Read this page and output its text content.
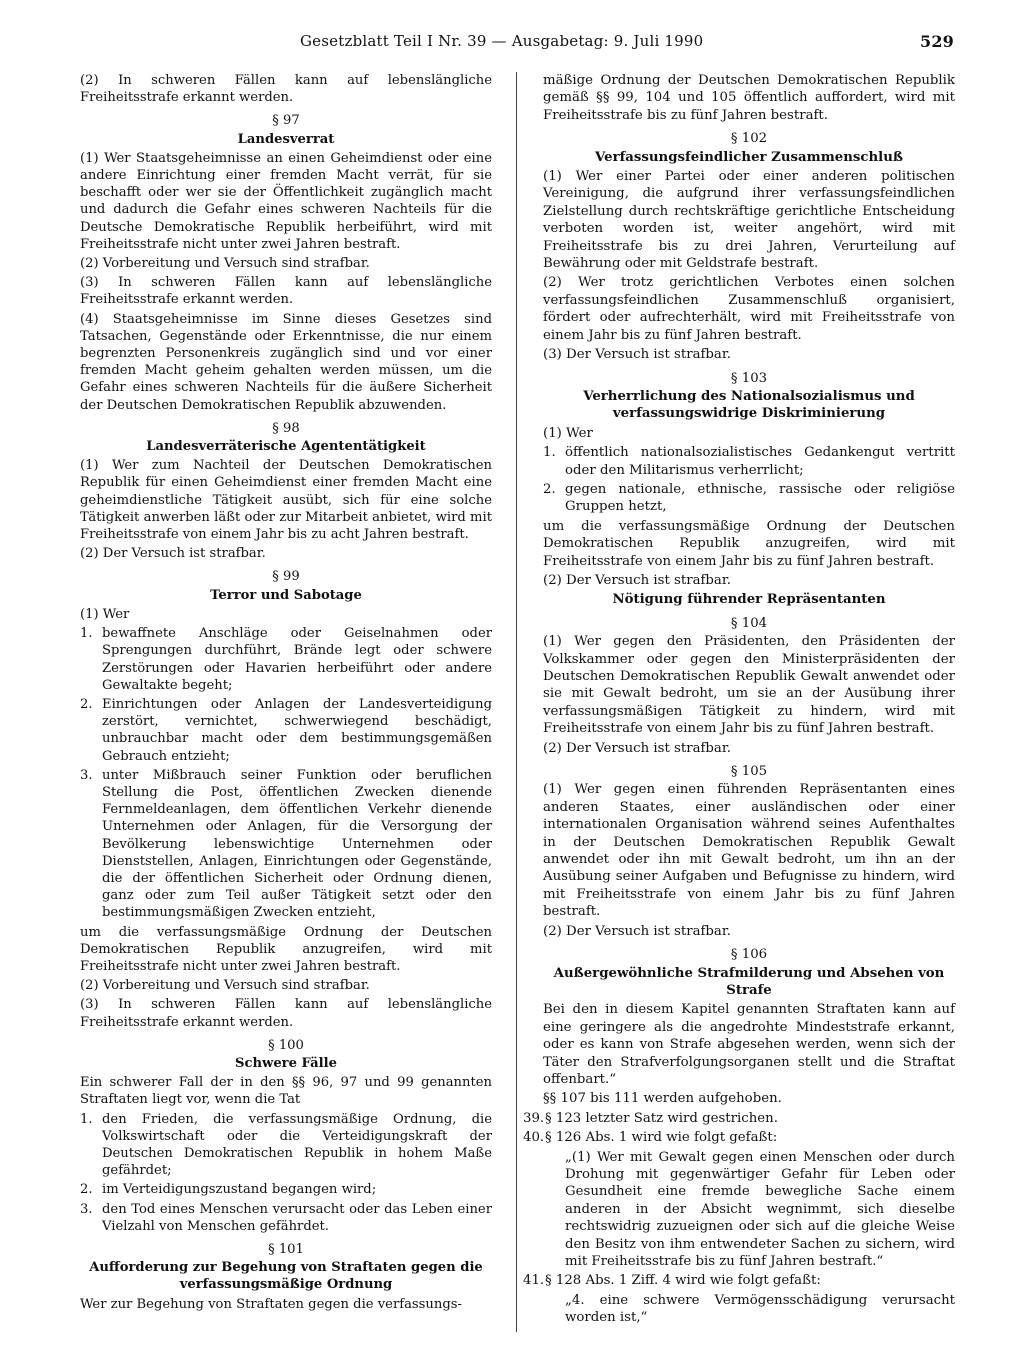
Gesetzblatt Teil I Nr. 39 — Ausgabetag: 9. Juli 1990	529
(2) In schweren Fällen kann auf lebenslängliche Freiheitsstrafe erkannt werden.
§ 97
Landesverrat
(1) Wer Staatsgeheimnisse an einen Geheimdienst oder eine andere Einrichtung einer fremden Macht verrät, für sie beschafft oder wer sie der Öffentlichkeit zugänglich macht und dadurch die Gefahr eines schweren Nachteils für die Deutsche Demokratische Republik herbeiführt, wird mit Freiheitsstrafe nicht unter zwei Jahren bestraft.
(2) Vorbereitung und Versuch sind strafbar.
(3) In schweren Fällen kann auf lebenslängliche Freiheitsstrafe erkannt werden.
(4) Staatsgeheimnisse im Sinne dieses Gesetzes sind Tatsachen, Gegenstände oder Erkenntnisse, die nur einem begrenzten Personenkreis zugänglich sind und vor einer fremden Macht geheim gehalten werden müssen, um die Gefahr eines schweren Nachteils für die äußere Sicherheit der Deutschen Demokratischen Republik abzuwenden.
§ 98
Landesverräterische Agententätigkeit
(1) Wer zum Nachteil der Deutschen Demokratischen Republik für einen Geheimdienst einer fremden Macht eine geheimdienstliche Tätigkeit ausübt, sich für eine solche Tätigkeit anwerben läßt oder zur Mitarbeit anbietet, wird mit Freiheitsstrafe von einem Jahr bis zu acht Jahren bestraft.
(2) Der Versuch ist strafbar.
§ 99
Terror und Sabotage
(1) Wer
1. bewaffnete Anschläge oder Geiselnahmen oder Sprengungen durchführt, Brände legt oder schwere Zerstörungen oder Havarien herbeiführt oder andere Gewaltakte begeht;
2. Einrichtungen oder Anlagen der Landesverteidigung zerstört, vernichtet, schwerwiegend beschädigt, unbrauchbar macht oder dem bestimmungsgemäßen Gebrauch entzieht;
3. unter Mißbrauch seiner Funktion oder beruflichen Stellung die Post, öffentlichen Zwecken dienende Fernmeldeanlagen, dem öffentlichen Verkehr dienende Unternehmen oder Anlagen, für die Versorgung der Bevölkerung lebenswichtige Unternehmen oder Dienststellen, Anlagen, Einrichtungen oder Gegenstände, die der öffentlichen Sicherheit oder Ordnung dienen, ganz oder zum Teil außer Tätigkeit setzt oder den bestimmungsmäßigen Zwecken entzieht,
um die verfassungsmäßige Ordnung der Deutschen Demokratischen Republik anzugreifen, wird mit Freiheitsstrafe nicht unter zwei Jahren bestraft.
(2) Vorbereitung und Versuch sind strafbar.
(3) In schweren Fällen kann auf lebenslängliche Freiheitsstrafe erkannt werden.
§ 100
Schwere Fälle
Ein schwerer Fall der in den §§ 96, 97 und 99 genannten Straftaten liegt vor, wenn die Tat
1. den Frieden, die verfassungsmäßige Ordnung, die Volkswirtschaft oder die Verteidigungskraft der Deutschen Demokratischen Republik in hohem Maße gefährdet;
2. im Verteidigungszustand begangen wird;
3. den Tod eines Menschen verursacht oder das Leben einer Vielzahl von Menschen gefährdet.
§ 101
Aufforderung zur Begehung von Straftaten gegen die verfassungsmäßige Ordnung
Wer zur Begehung von Straftaten gegen die verfassungs-
mäßige Ordnung der Deutschen Demokratischen Republik gemäß §§ 99, 104 und 105 öffentlich auffordert, wird mit Freiheitsstrafe bis zu fünf Jahren bestraft.
§ 102
Verfassungsfeindlicher Zusammenschluß
(1) Wer einer Partei oder einer anderen politischen Vereinigung, die aufgrund ihrer verfassungsfeindlichen Zielstellung durch rechtskräftige gerichtliche Entscheidung verboten worden ist, weiter angehört, wird mit Freiheitsstrafe bis zu drei Jahren, Verurteilung auf Bewährung oder mit Geldstrafe bestraft.
(2) Wer trotz gerichtlichen Verbotes einen solchen verfassungsfeindlichen Zusammenschluß organisiert, fördert oder aufrechterhält, wird mit Freiheitsstrafe von einem Jahr bis zu fünf Jahren bestraft.
(3) Der Versuch ist strafbar.
§ 103
Verherrlichung des Nationalsozialismus und verfassungswidrige Diskriminierung
(1) Wer
1. öffentlich nationalsozialistisches Gedankengut vertritt oder den Militarismus verherrlicht;
2. gegen nationale, ethnische, rassische oder religiöse Gruppen hetzt,
um die verfassungsmäßige Ordnung der Deutschen Demokratischen Republik anzugreifen, wird mit Freiheitsstrafe von einem Jahr bis zu fünf Jahren bestraft.
(2) Der Versuch ist strafbar.
Nötigung führender Repräsentanten
§ 104
(1) Wer gegen den Präsidenten, den Präsidenten der Volkskammer oder gegen den Ministerpräsidenten der Deutschen Demokratischen Republik Gewalt anwendet oder sie mit Gewalt bedroht, um sie an der Ausübung ihrer verfassungsmäßigen Tätigkeit zu hindern, wird mit Freiheitsstrafe von einem Jahr bis zu fünf Jahren bestraft.
(2) Der Versuch ist strafbar.
§ 105
(1) Wer gegen einen führenden Repräsentanten eines anderen Staates, einer ausländischen oder einer internationalen Organisation während seines Aufenthaltes in der Deutschen Demokratischen Republik Gewalt anwendet oder ihn mit Gewalt bedroht, um ihn an der Ausübung seiner Aufgaben und Befugnisse zu hindern, wird mit Freiheitsstrafe von einem Jahr bis zu fünf Jahren bestraft.
(2) Der Versuch ist strafbar.
§ 106
Außergewöhnliche Strafmilderung und Absehen von Strafe
Bei den in diesem Kapitel genannten Straftaten kann auf eine geringere als die angedrohte Mindeststrafe erkannt, oder es kann von Strafe abgesehen werden, wenn sich der Täter den Strafverfolgungsorganen stellt und die Straftat offenbart.“
§§ 107 bis 111 werden aufgehoben.
39. § 123 letzter Satz wird gestrichen.
40. § 126 Abs. 1 wird wie folgt gefaßt:
„(1) Wer mit Gewalt gegen einen Menschen oder durch Drohung mit gegenwärtiger Gefahr für Leben oder Gesundheit eine fremde bewegliche Sache einem anderen in der Absicht wegnimmt, sich dieselbe rechtswidrig zuzueignen oder sich auf die gleiche Weise den Besitz von ihm entwendeter Sachen zu sichern, wird mit Freiheitsstrafe bis zu fünf Jahren bestraft.“
41. § 128 Abs. 1 Ziff. 4 wird wie folgt gefaßt:
„4. eine schwere Vermögensschädigung verursacht worden ist,“
